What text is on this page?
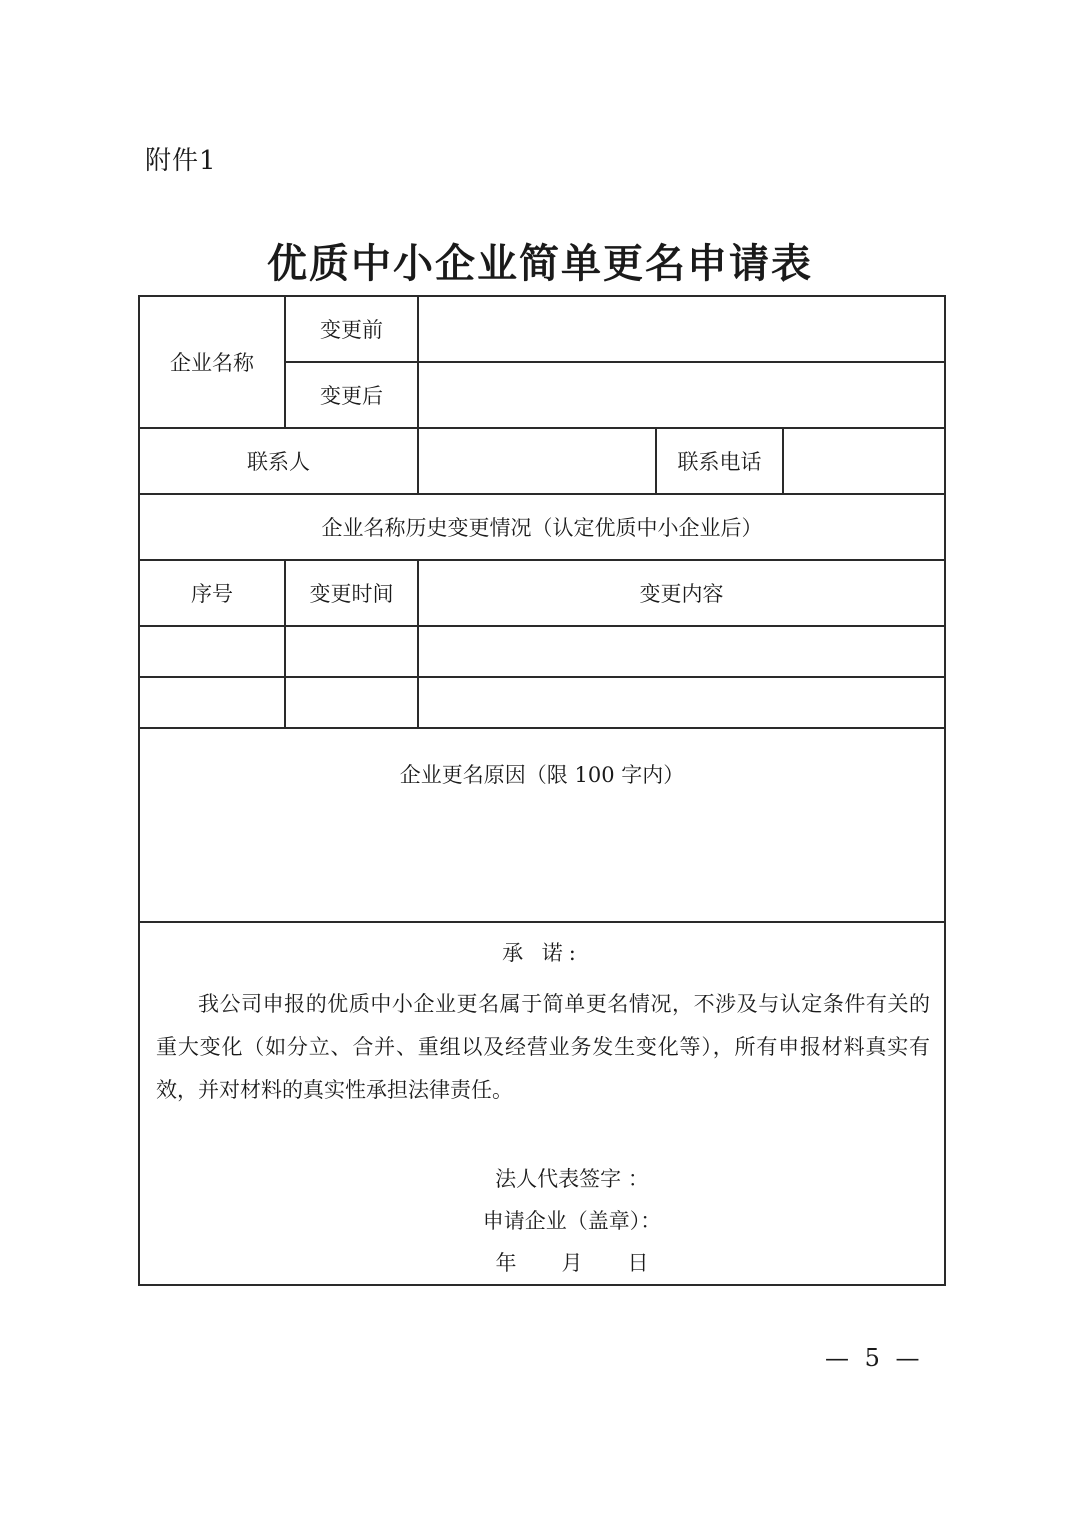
附件1
优质中小企业简单更名申请表
企业名称	变更前			
	变更后			
联系人			联系电话	
企业名称历史变更情况（认定优质中小企业后）				
序号	变更时间	变更内容		

企业更名原因（限 100 字内）				

承 诺:
我公司申报的优质中小企业更名属于简单更名情况，不涉及与认定条件有关的重大变化（如分立、合并、重组以及经营业务发生变化等），所有申报材料真实有效，并对材料的真实性承担法律责任。
法人代表签字 ：
申请企业（盖章）：
年 月 日				
— 5 —
